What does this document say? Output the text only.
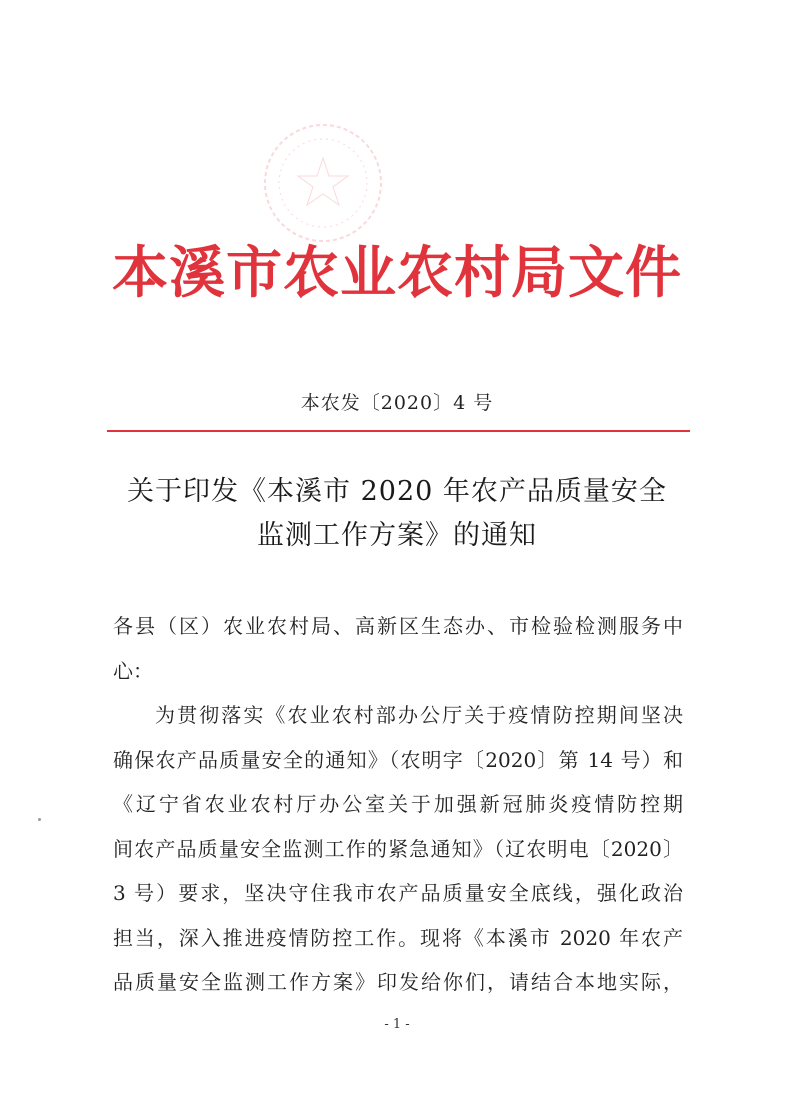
本溪市农业农村局文件
本农发〔2020〕4 号
关于印发《本溪市 2020 年农产品质量安全
监测工作方案》的通知
各县（区）农业农村局、高新区生态办、市检验检测服务中
心：
为贯彻落实《农业农村部办公厅关于疫情防控期间坚决
确保农产品质量安全的通知》（农明字〔2020〕第 14 号）和
《辽宁省农业农村厅办公室关于加强新冠肺炎疫情防控期
间农产品质量安全监测工作的紧急通知》（辽农明电〔2020〕
3 号）要求，坚决守住我市农产品质量安全底线，强化政治
担当，深入推进疫情防控工作。现将《本溪市 2020 年农产
品质量安全监测工作方案》印发给你们，请结合本地实际，
- 1 -
